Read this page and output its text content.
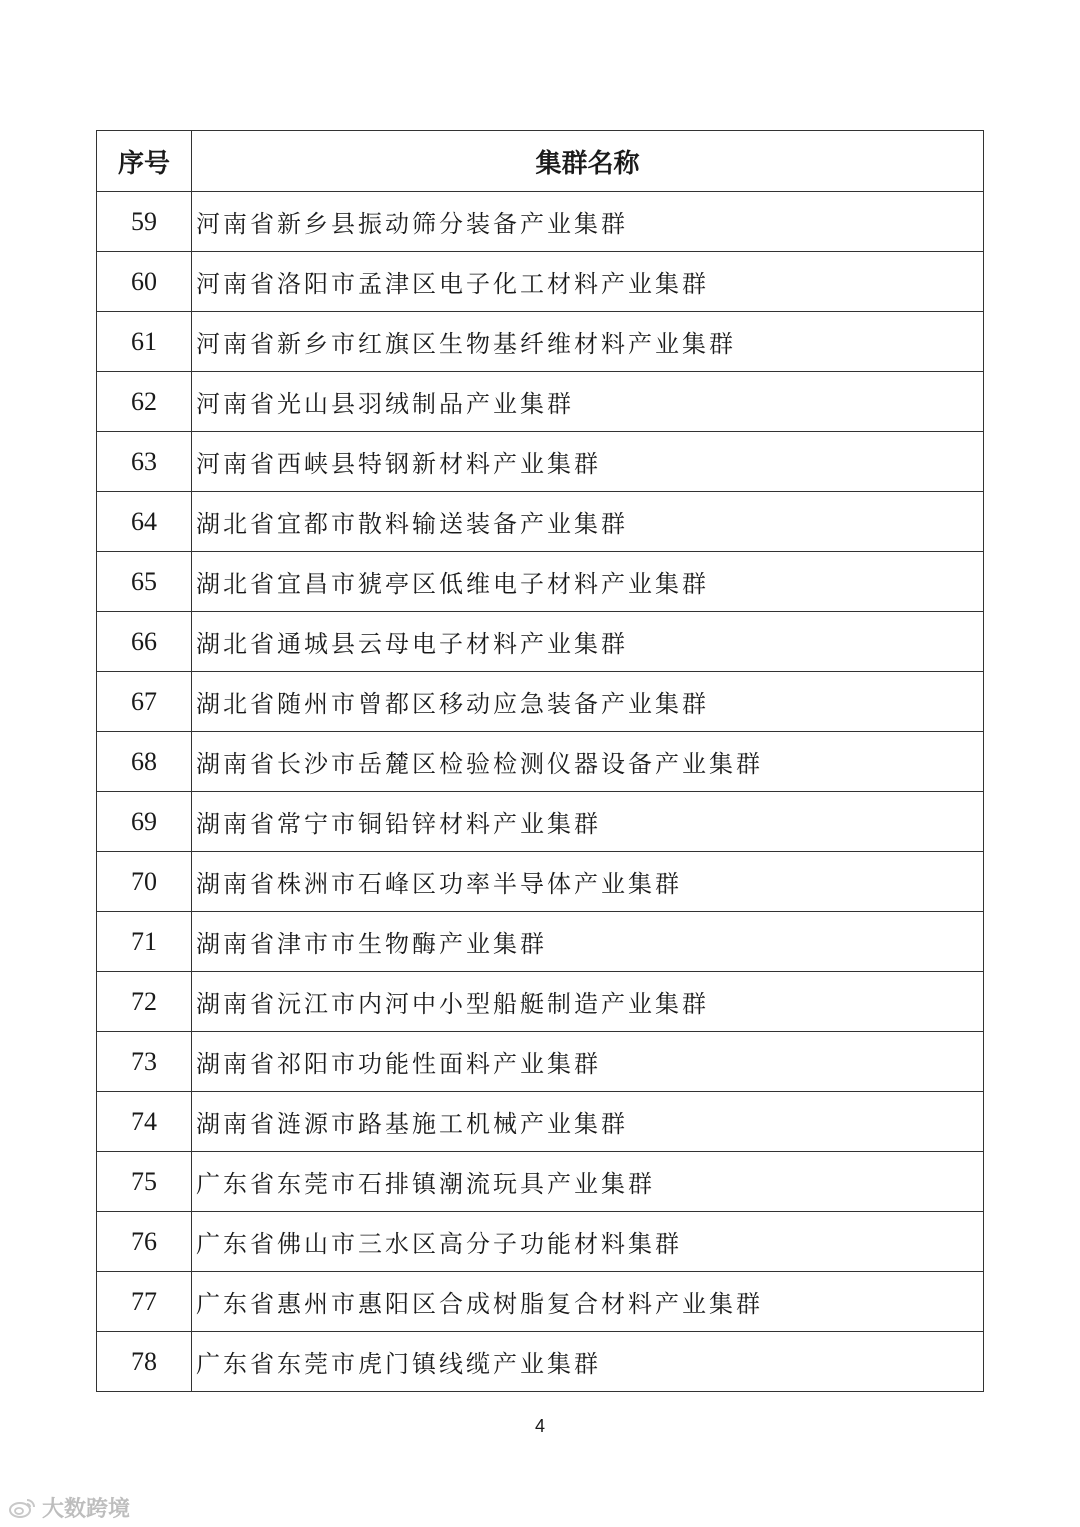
序号	集群名称
59	河南省新乡县振动筛分装备产业集群
60	河南省洛阳市孟津区电子化工材料产业集群
61	河南省新乡市红旗区生物基纤维材料产业集群
62	河南省光山县羽绒制品产业集群
63	河南省西峡县特钢新材料产业集群
64	湖北省宜都市散料输送装备产业集群
65	湖北省宜昌市猇亭区低维电子材料产业集群
66	湖北省通城县云母电子材料产业集群
67	湖北省随州市曾都区移动应急装备产业集群
68	湖南省长沙市岳麓区检验检测仪器设备产业集群
69	湖南省常宁市铜铅锌材料产业集群
70	湖南省株洲市石峰区功率半导体产业集群
71	湖南省津市市生物酶产业集群
72	湖南省沅江市内河中小型船艇制造产业集群
73	湖南省祁阳市功能性面料产业集群
74	湖南省涟源市路基施工机械产业集群
75	广东省东莞市石排镇潮流玩具产业集群
76	广东省佛山市三水区高分子功能材料集群
77	广东省惠州市惠阳区合成树脂复合材料产业集群
78	广东省东莞市虎门镇线缆产业集群
4
大数跨境
